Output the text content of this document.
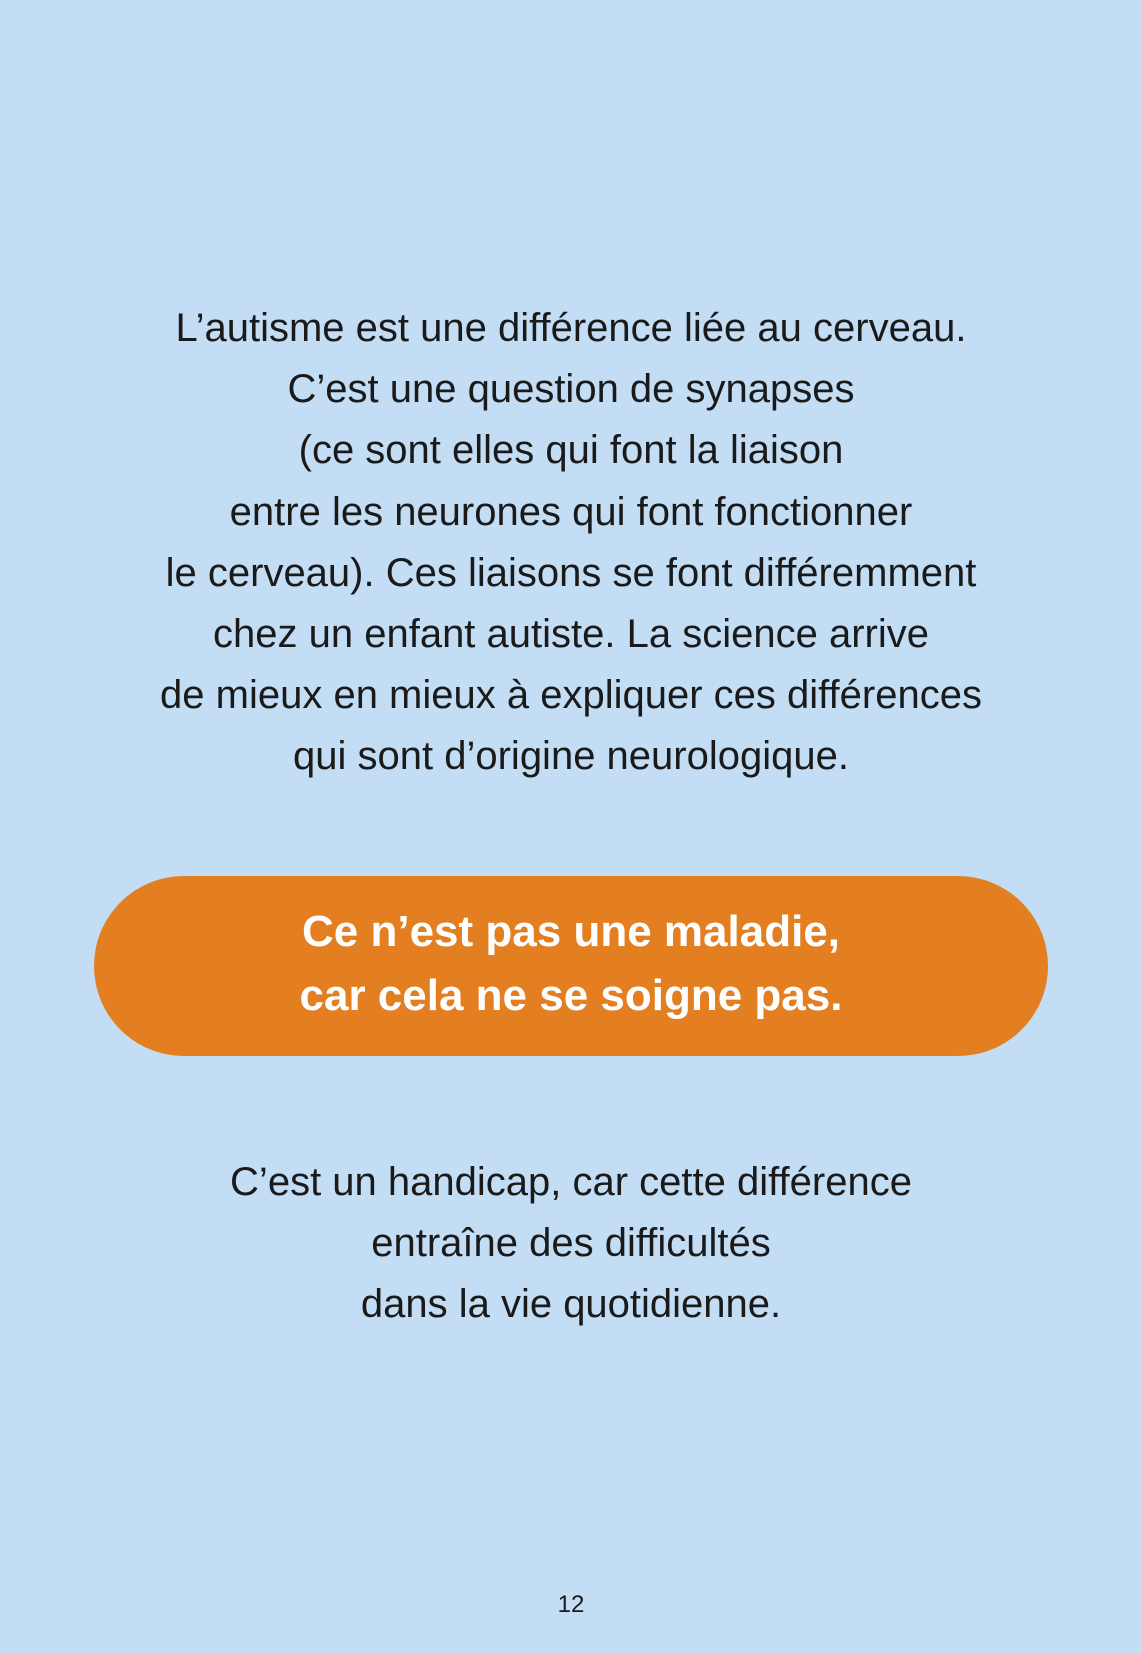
L’autisme est une différence liée au cerveau.
C’est une question de synapses
(ce sont elles qui font la liaison
entre les neurones qui font fonctionner
le cerveau). Ces liaisons se font différemment
chez un enfant autiste. La science arrive
de mieux en mieux à expliquer ces différences
qui sont d’origine neurologique.
Ce n’est pas une maladie,
car cela ne se soigne pas.
C’est un handicap, car cette différence
entraîne des difficultés
dans la vie quotidienne.
12
